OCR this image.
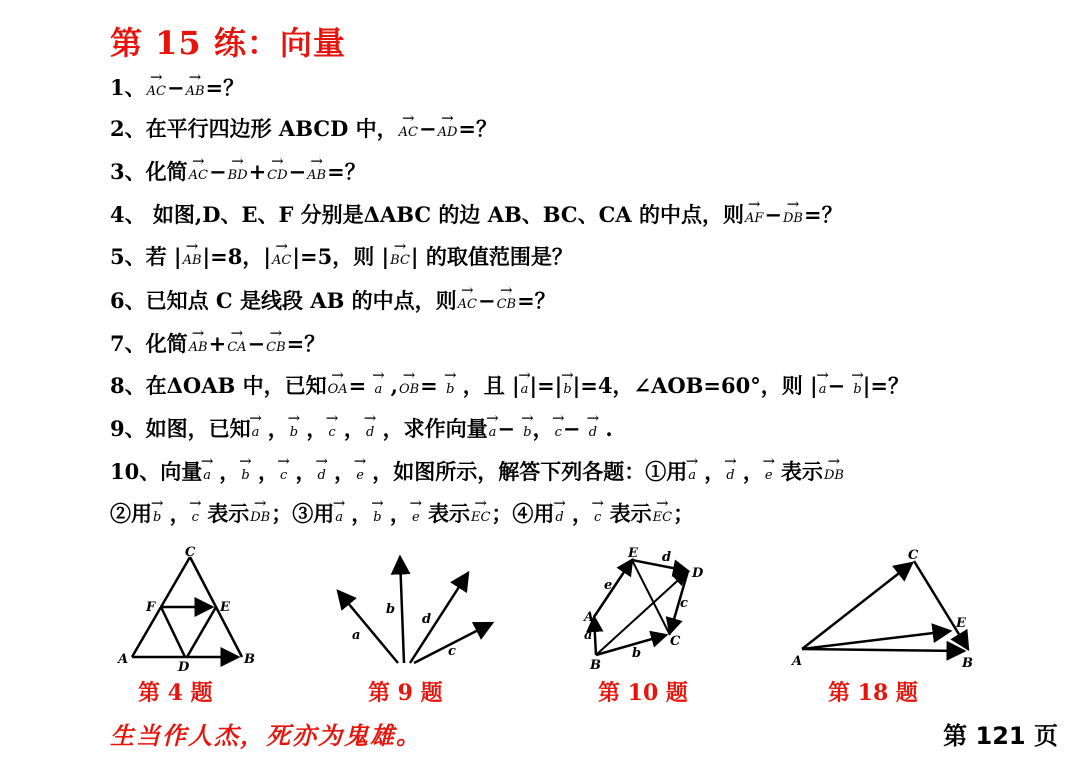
第 15 练：向量
1、→ AC−→ AB=？
2、在平行四边形 ABCD 中，→ AC−→ AD=？
3、化简→ AC−→ BD+→ CD−→ AB=？
4、 如图,D、E、F 分别是ΔABC 的边 AB、BC、CA 的中点，则→ AF−→ DB=？
5、若 |→ AB|=8，|→ AC|=5，则 |→ BC| 的取值范围是？
6、已知点 C 是线段 AB 的中点，则→ AC−→ CB=？
7、化简→ AB+→ CA−→ CB=？
8、在ΔOAB 中，已知→ OA= → a ,→ OB= → b ，且 |→ a|=|→ b|=4，∠AOB=60°，则 |→ a− → b|=？
9、如图，已知→ a ，→ b ，→ c ，→ d ，求作向量→ a− → b，→ c− → d .
10、向量→ a ，→ b ，→ c ，→ d ，→ e ，如图所示，解答下列各题：①用→ a ，→ d ，→ e 表示→ DB
②用→ b ，→ c 表示→ DB；③用→ a ，→ b ，→ e 表示→ EC；④用→ d ，→ c 表示→ EC；
C
F	E
A
D
B
b
a
d
c
E d
D
e
A
a
c
C
b
B
C
E
A	B
第 4 题	第 9 题	第 10 题	第 18 题
生当作人杰，死亦为鬼雄。	第 121 页
